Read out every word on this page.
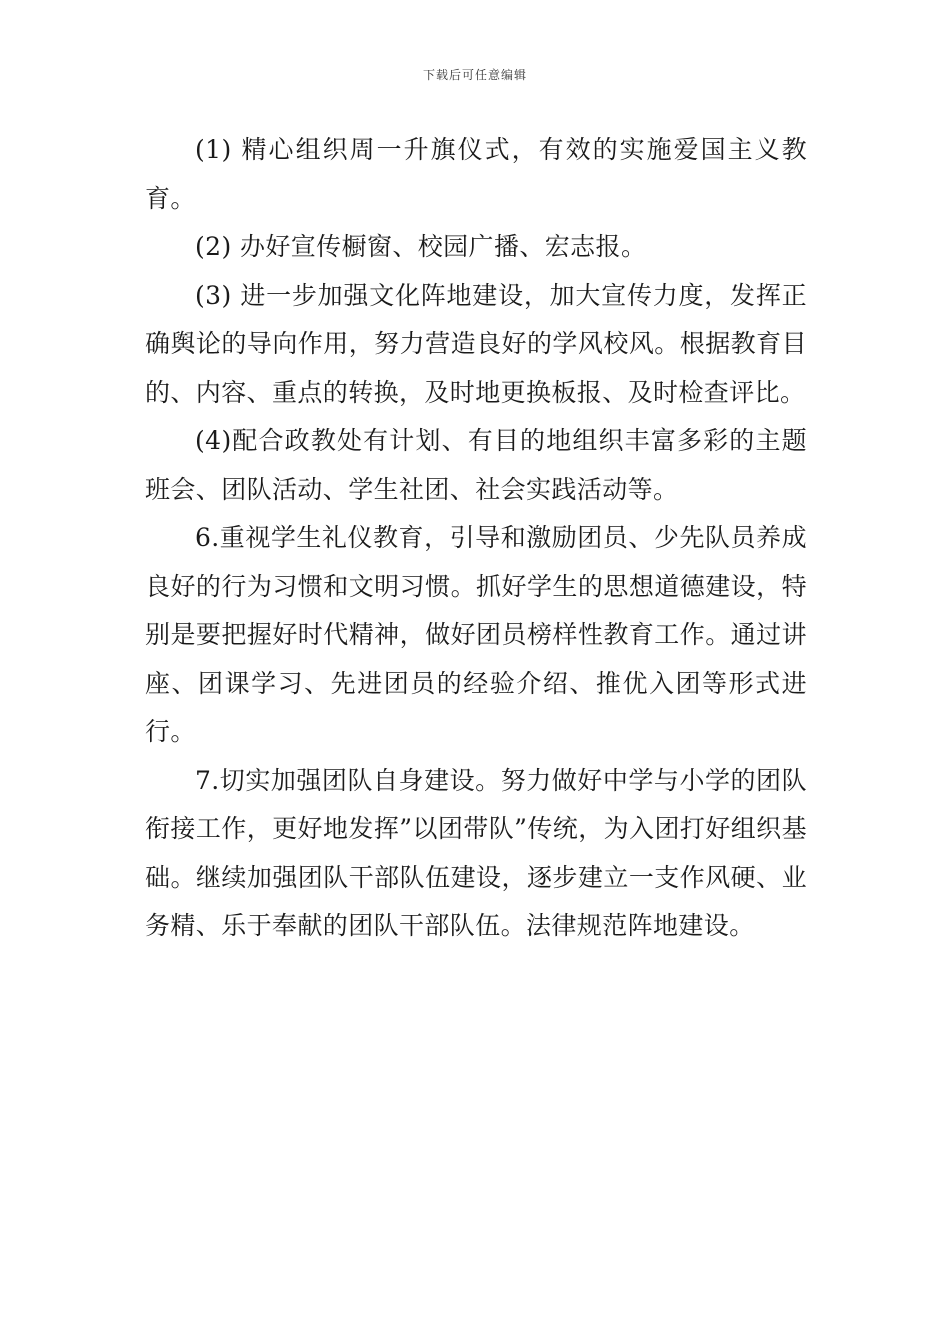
下载后可任意编辑

(1) 精心组织周一升旗仪式，有效的实施爱国主义教育。

(2) 办好宣传橱窗、校园广播、宏志报。

(3) 进一步加强文化阵地建设，加大宣传力度，发挥正确舆论的导向作用，努力营造良好的学风校风。根据教育目的、内容、重点的转换，及时地更换板报、及时检查评比。

(4)配合政教处有计划、有目的地组织丰富多彩的主题班会、团队活动、学生社团、社会实践活动等。

6.重视学生礼仪教育，引导和激励团员、少先队员养成良好的行为习惯和文明习惯。抓好学生的思想道德建设，特别是要把握好时代精神，做好团员榜样性教育工作。通过讲座、团课学习、先进团员的经验介绍、推优入团等形式进行。

7.切实加强团队自身建设。努力做好中学与小学的团队衔接工作，更好地发挥”以团带队”传统，为入团打好组织基础。继续加强团队干部队伍建设，逐步建立一支作风硬、业务精、乐于奉献的团队干部队伍。法律规范阵地建设。
